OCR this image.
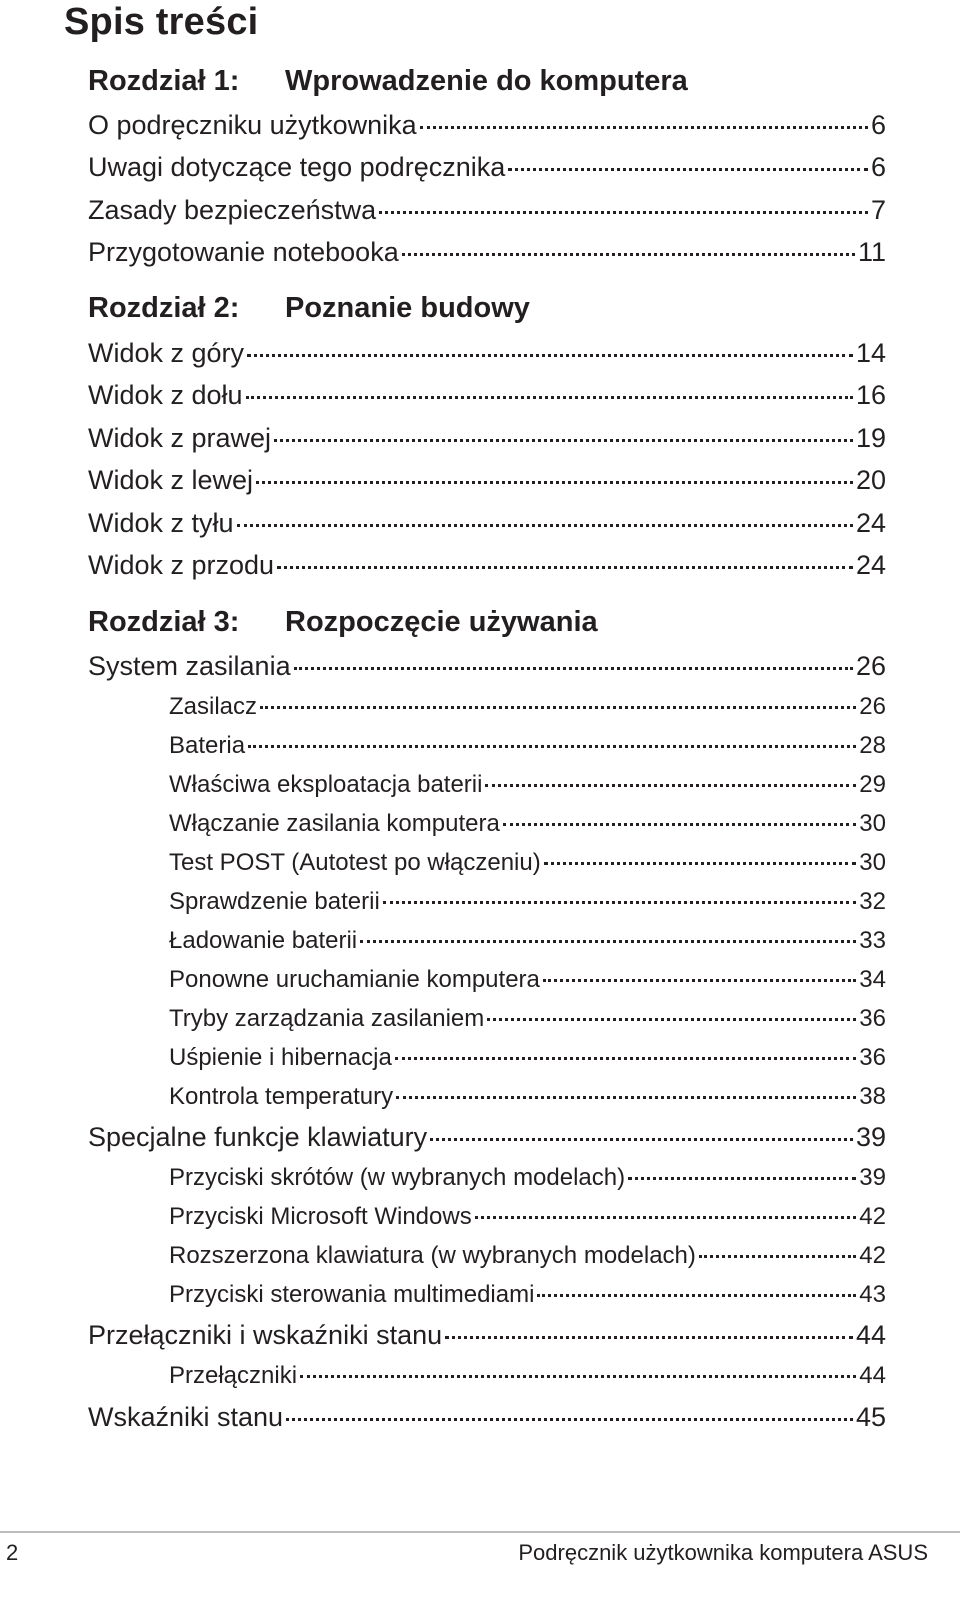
Spis treści
Rozdział 1: Wprowadzenie do komputera
O podręczniku użytkownika	6
Uwagi dotyczące tego podręcznika	6
Zasady bezpieczeństwa	7
Przygotowanie notebooka	11
Rozdział 2: Poznanie budowy
Widok z góry	14
Widok z dołu	16
Widok z prawej	19
Widok z lewej	20
Widok z tyłu	24
Widok z przodu	24
Rozdział 3: Rozpoczęcie używania
System zasilania	26
Zasilacz	26
Bateria	28
Właściwa eksploatacja baterii	29
Włączanie zasilania komputera	30
Test POST (Autotest po włączeniu)	30
Sprawdzenie baterii	32
Ładowanie baterii	33
Ponowne uruchamianie komputera	34
Tryby zarządzania zasilaniem	36
Uśpienie i hibernacja	36
Kontrola temperatury	38
Specjalne funkcje klawiatury	39
Przyciski skrótów (w wybranych modelach)	39
Przyciski Microsoft Windows	42
Rozszerzona klawiatura (w wybranych modelach)	42
Przyciski sterowania multimediami	43
Przełączniki i wskaźniki stanu	44
Przełączniki	44
Wskaźniki stanu	45
2	Podręcznik użytkownika komputera ASUS
